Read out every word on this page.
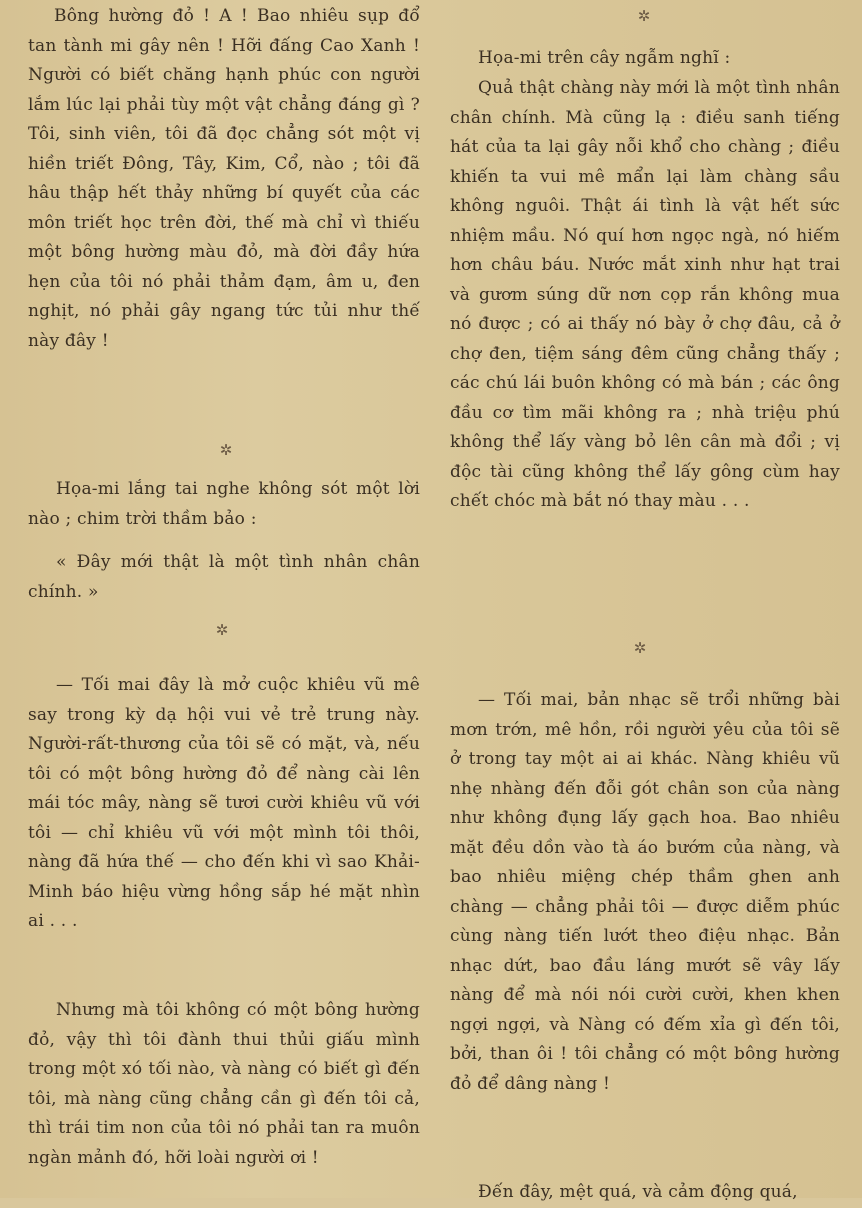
Bông hường đỏ ! A ! Bao nhiêu sụp đổ tan tành mi gây nên ! Hỡi đấng Cao Xanh ! Người có biết chăng hạnh phúc con người lắm lúc lại phải tùy một vật chẳng đáng gì ? Tôi, sinh viên, tôi đã đọc chẳng sót một vị hiền triết Đông, Tây, Kim, Cổ, nào ; tôi đã hâu thập hết thảy những bí quyết của các môn triết học trên đời, thế mà chỉ vì thiếu một bông hường màu đỏ, mà đời đầy hứa hẹn của tôi nó phải thảm đạm, âm u, đen nghịt, nó phải gây ngang tức tủi như thế này đây !
✲
Họa-mi lắng tai nghe không sót một lời nào ; chim trời thầm bảo :
« Đây mới thật là một tình nhân chân chính. »
✲
— Tối mai đây là mở cuộc khiêu vũ mê say trong kỳ dạ hội vui vẻ trẻ trung này. Người-rất-thương của tôi sẽ có mặt, và, nếu tôi có một bông hường đỏ để nàng cài lên mái tóc mây, nàng sẽ tươi cười khiêu vũ với tôi — chỉ khiêu vũ với một mình tôi thôi, nàng đã hứa thế — cho đến khi vì sao Khải-Minh báo hiệu vừng hồng sắp hé mặt nhìn ai . . .
Nhưng mà tôi không có một bông hường đỏ, vậy thì tôi đành thui thủi giấu mình trong một xó tối nào, và nàng có biết gì đến tôi, mà nàng cũng chẳng cần gì đến tôi cả, thì trái tim non của tôi nó phải tan ra muôn ngàn mảnh đó, hỡi loài người ơi !
✲
Họa-mi trên cây ngẫm nghĩ :
Quả thật chàng này mới là một tình nhân chân chính. Mà cũng lạ : điều sanh tiếng hát của ta lại gây nỗi khổ cho chàng ; điều khiến ta vui mê mẩn lại làm chàng sầu không nguôi. Thật ái tình là vật hết sức nhiệm mầu. Nó quí hơn ngọc ngà, nó hiếm hơn châu báu. Nước mắt xinh như hạt trai và gươm súng dữ nơn cọp rắn không mua nó được ; có ai thấy nó bày ở chợ đâu, cả ở chợ đen, tiệm sáng đêm cũng chẳng thấy ; các chú lái buôn không có mà bán ; các ông đầu cơ tìm mãi không ra ; nhà triệu phú không thể lấy vàng bỏ lên cân mà đổi ; vị độc tài cũng không thể lấy gông cùm hay chết chóc mà bắt nó thay màu . . .
✲
— Tối mai, bản nhạc sẽ trổi những bài mơn trớn, mê hồn, rồi người yêu của tôi sẽ ở trong tay một ai ai khác. Nàng khiêu vũ nhẹ nhàng đến đỗi gót chân son của nàng như không đụng lấy gạch hoa. Bao nhiêu mặt đều dồn vào tà áo bướm của nàng, và bao nhiêu miệng chép thầm ghen anh chàng — chẳng phải tôi — được diễm phúc cùng nàng tiến lướt theo điệu nhạc. Bản nhạc dứt, bao đầu láng mướt sẽ vây lấy nàng để mà nói nói cười cười, khen khen ngợi ngợi, và Nàng có đếm xỉa gì đến tôi, bởi, than ôi ! tôi chẳng có một bông hường đỏ để dâng nàng !
Đến đây, mệt quá, và cảm động quá,
